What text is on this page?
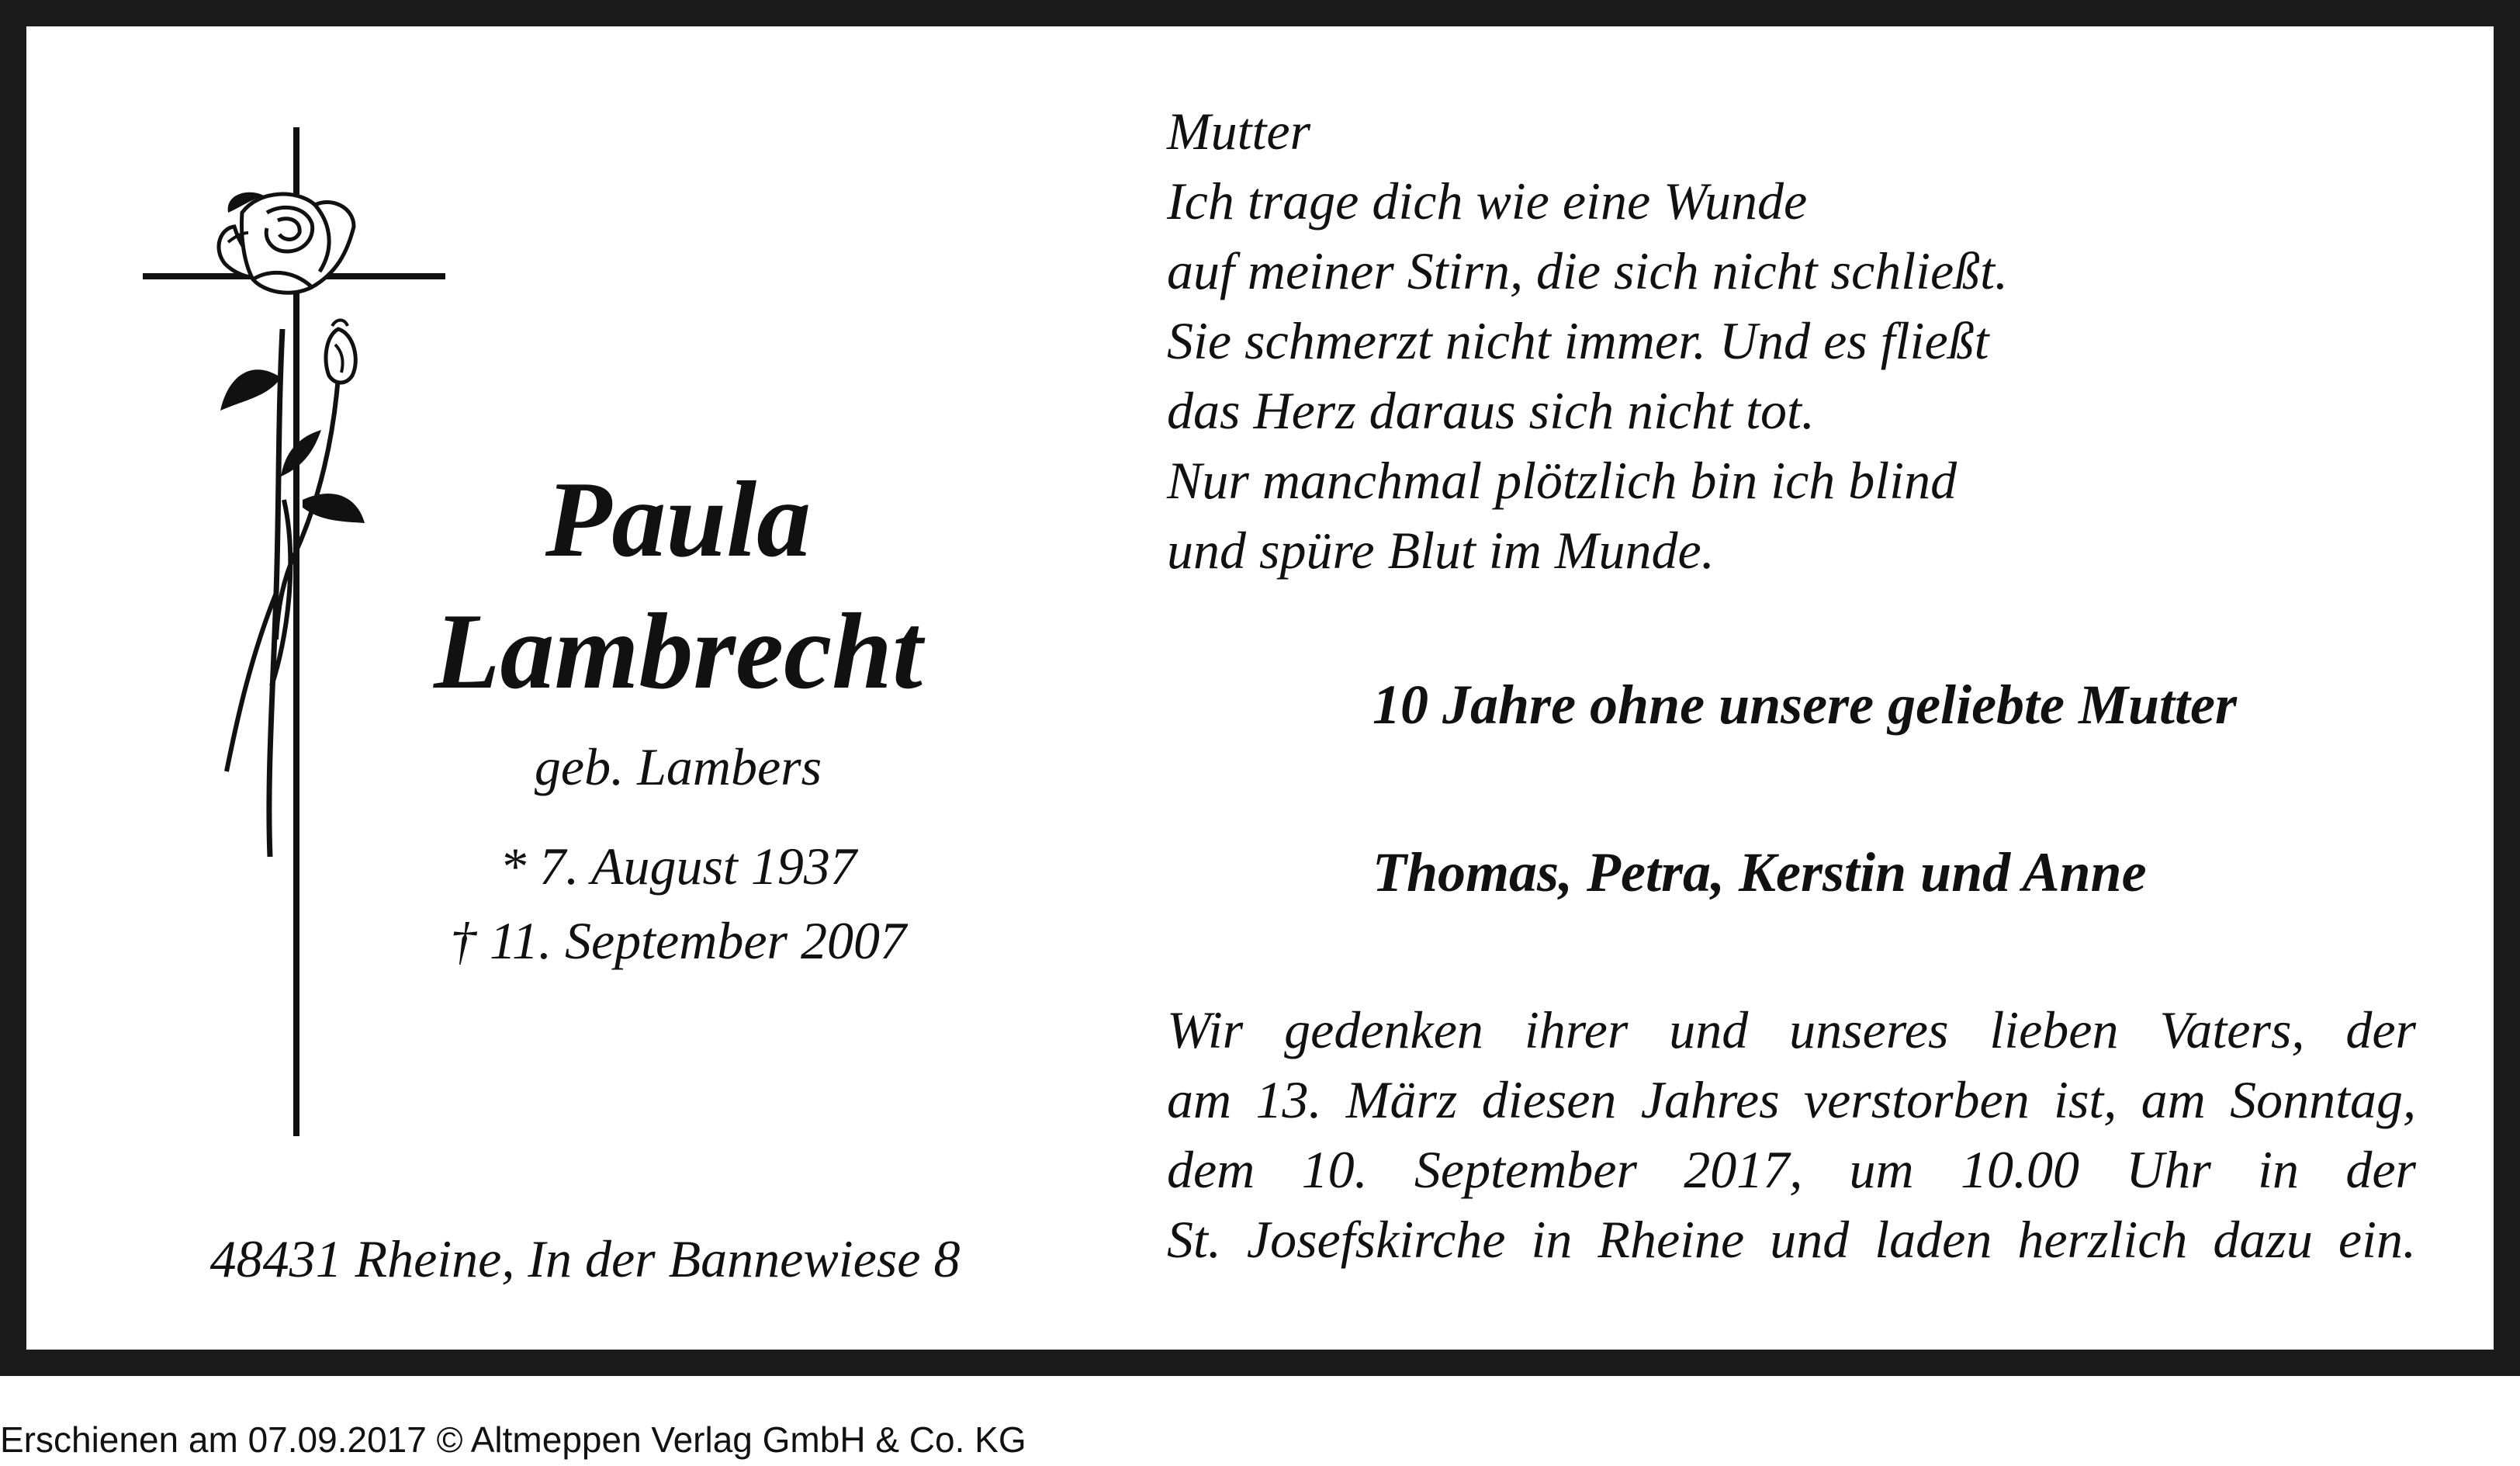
Paula
Lambrecht
geb. Lambers
* 7. August 1937
† 11. September 2007
48431 Rheine, In der Bannewiese 8
Mutter
Ich trage dich wie eine Wunde
auf meiner Stirn, die sich nicht schließt.
Sie schmerzt nicht immer. Und es fließt
das Herz daraus sich nicht tot.
Nur manchmal plötzlich bin ich blind
und spüre Blut im Munde.
10 Jahre ohne unsere geliebte Mutter
Thomas, Petra, Kerstin und Anne
Wir gedenken ihrer und unseres lieben Vaters, der
am 13. März diesen Jahres verstorben ist, am Sonntag,
dem 10. September 2017, um 10.00 Uhr in der
St. Josefskirche in Rheine und laden herzlich dazu ein.
Erschienen am 07.09.2017 © Altmeppen Verlag GmbH & Co. KG
